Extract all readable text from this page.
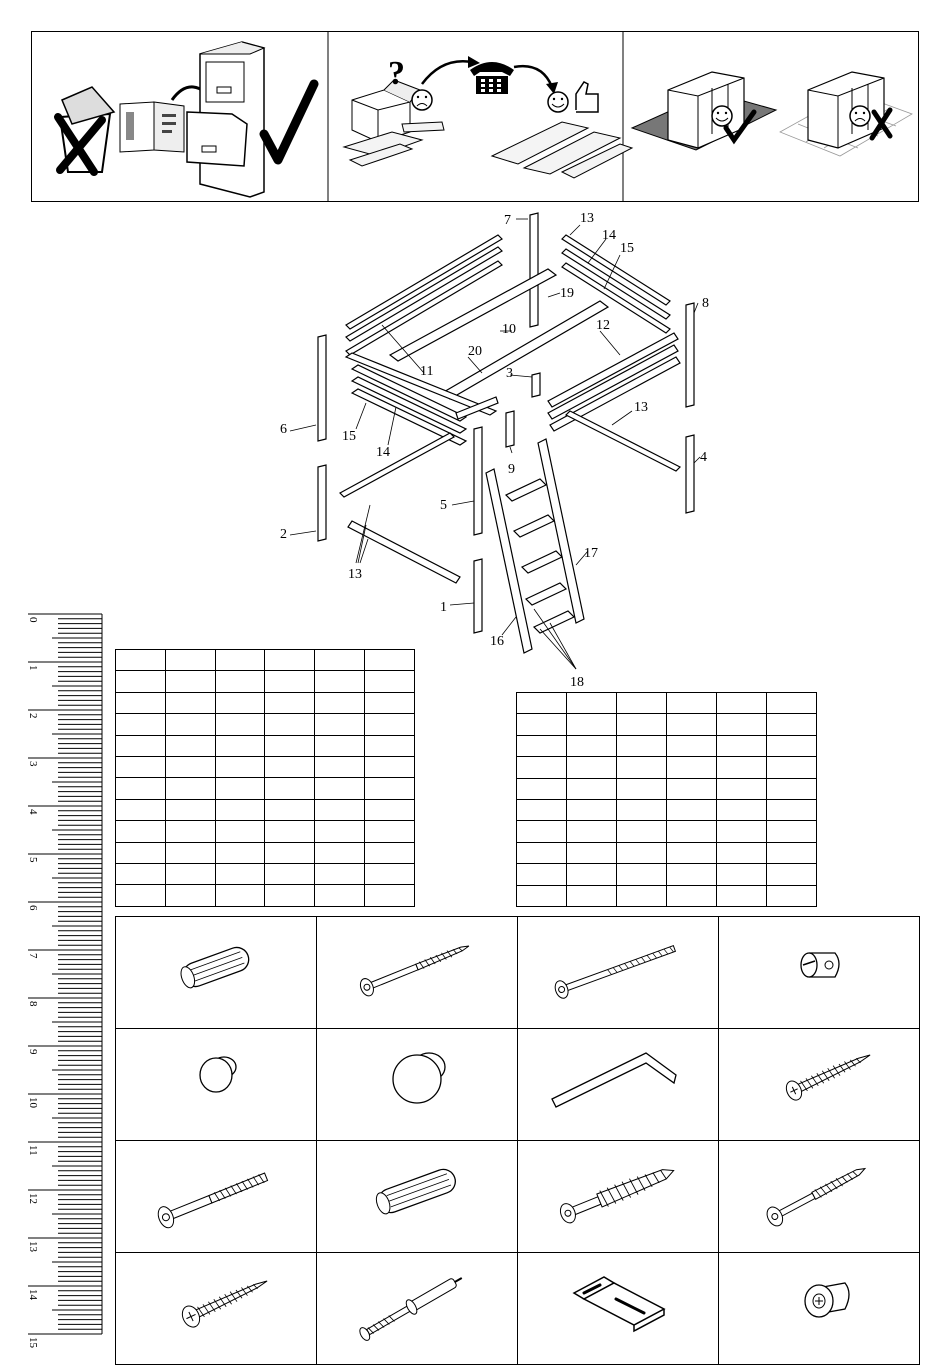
?
7	13
14
15
8
19
10	12
20
11	3
13
6	15
14	4
9
5
2
13
17
1
16
18
0
1
2
3
4
5
6
7
8
9
10
11
12
13
14
15
